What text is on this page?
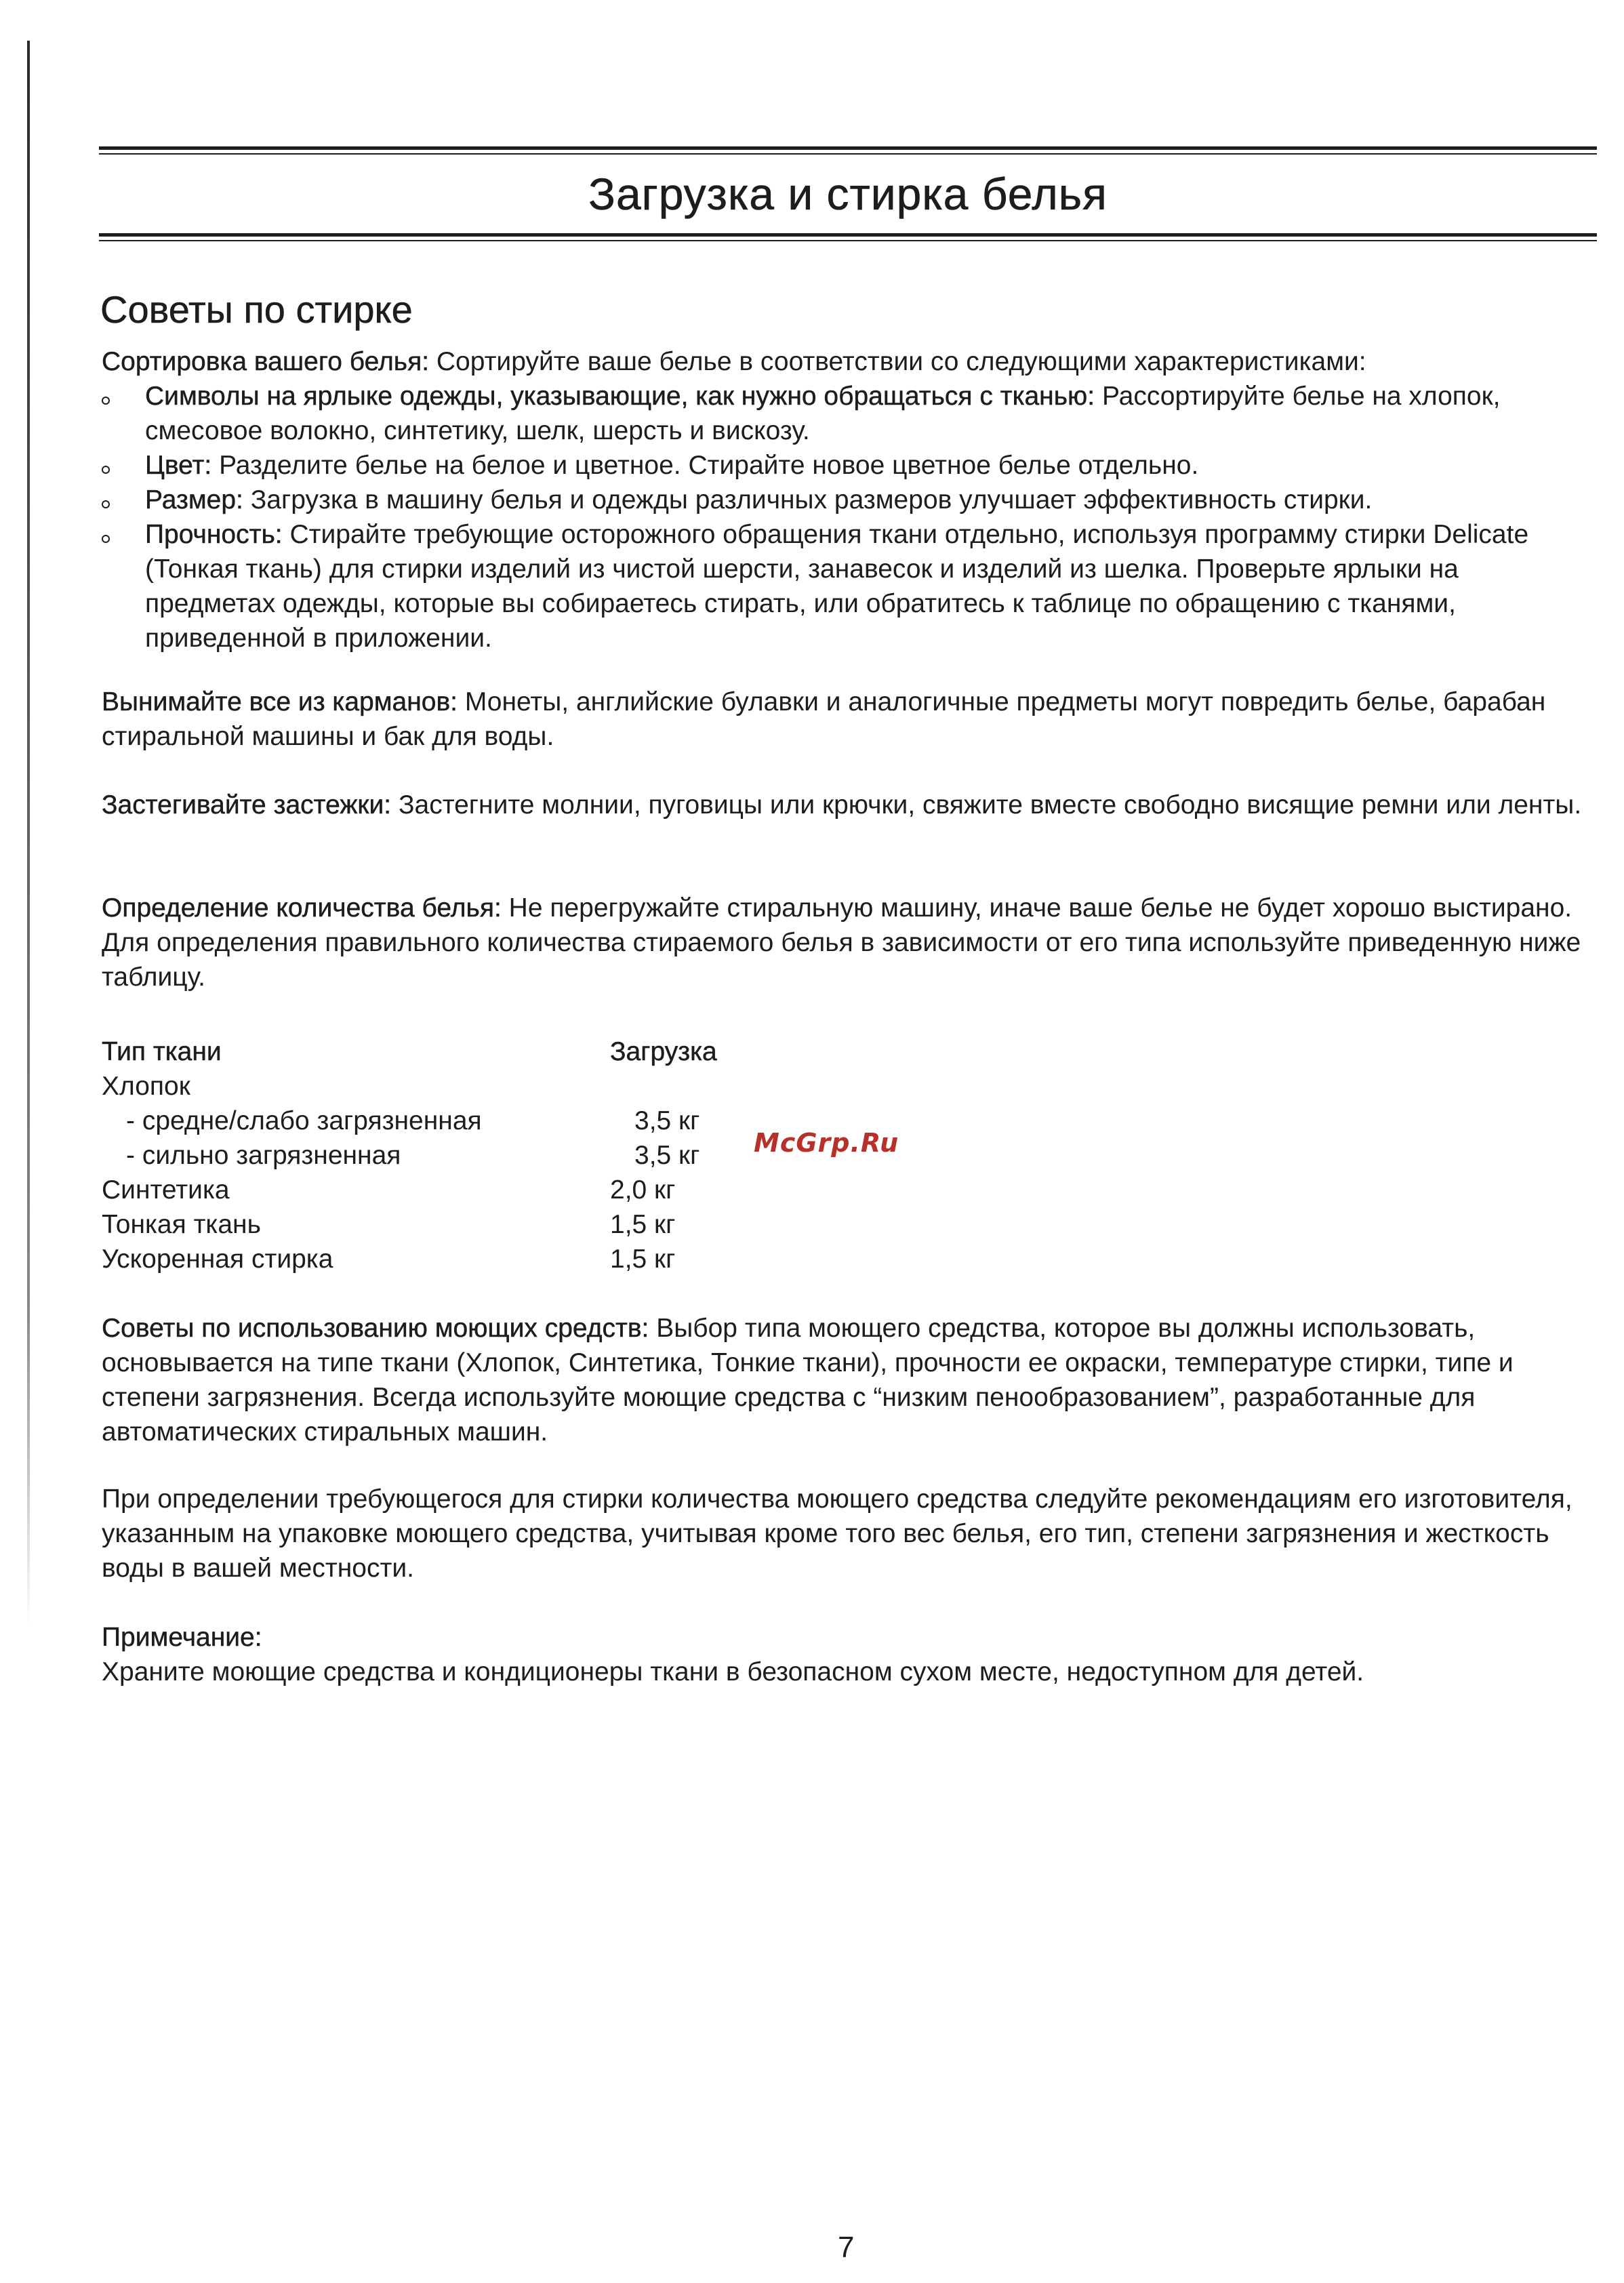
Загрузка и стирка белья
Советы по стирке

Сортировка вашего белья: Сортируйте ваше белье в соответствии со следующими характеристиками:

Символы на ярлыке одежды, указывающие, как нужно обращаться с тканью: Рассортируйте белье на хлопок, смесовое волокно, синтетику, шелк, шерсть и вискозу.
Цвет: Разделите белье на белое и цветное. Стирайте новое цветное белье отдельно.
Размер: Загрузка в машину белья и одежды различных размеров улучшает эффективность стирки.
Прочность: Стирайте требующие осторожного обращения ткани отдельно, используя программу стирки Delicate (Тонкая ткань) для стирки изделий из чистой шерсти, занавесок и изделий из шелка. Проверьте ярлыки на предметах одежды, которые вы собираетесь стирать, или обратитесь к таблице по обращению с тканями, приведенной в приложении.

Вынимайте все из карманов: Монеты, английские булавки и аналогичные предметы могут повредить белье, барабан стиральной машины и бак для воды.

Застегивайте застежки: Застегните молнии, пуговицы или крючки, свяжите вместе свободно висящие ремни или ленты.

Определение количества белья: Не перегружайте стиральную машину, иначе ваше белье не будет хорошо выстирано. Для определения правильного количества стираемого белья в зависимости от его типа используйте приведенную ниже таблицу.

Тип ткани	Загрузка
Хлопок
- средне/слабо загрязненная	3,5 кг
- сильно загрязненная	3,5 кг
Синтетика	2,0 кг
Тонкая ткань	1,5 кг
Ускоренная стирка	1,5 кг
McGrp.Ru

Советы по использованию моющих средств: Выбор типа моющего средства, которое вы должны использовать, основывается на типе ткани (Хлопок, Синтетика, Тонкие ткани), прочности ее окраски, температуре стирки, типе и степени загрязнения. Всегда используйте моющие средства с “низким пенообразованием”, разработанные для автоматических стиральных машин.

При определении требующегося для стирки количества моющего средства следуйте рекомендациям его изготовителя, указанным на упаковке моющего средства, учитывая кроме того вес белья, его тип, степени загрязнения и жесткость воды в вашей местности.

Примечание:

Храните моющие средства и кондиционеры ткани в безопасном сухом месте, недоступном для детей.

7
